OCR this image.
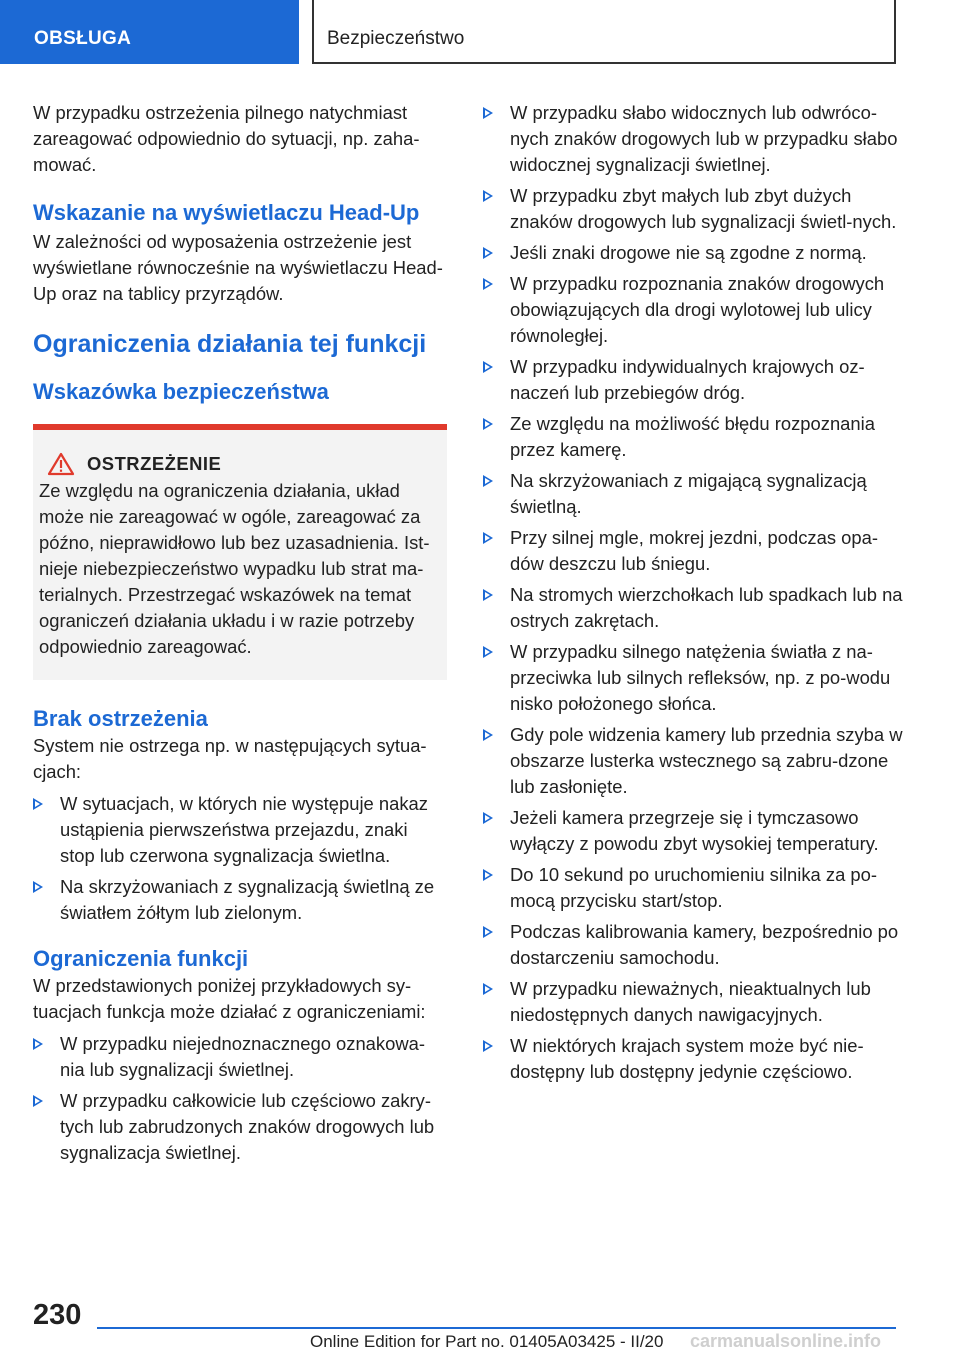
OBSŁUGA	Bezpieczeństwo

W przypadku ostrzeżenia pilnego natychmiast zareagować odpowiednio do sytuacji, np. zaha-mować.

Wskazanie na wyświetlaczu Head-Up

W zależności od wyposażenia ostrzeżenie jest wyświetlane równocześnie na wyświetlaczu Head-Up oraz na tablicy przyrządów.

Ograniczenia działania tej funkcji
Wskazówka bezpieczeństwa
OSTRZEŻENIE

Ze względu na ograniczenia działania, układ może nie zareagować w ogóle, zareagować za późno, nieprawidłowo lub bez uzasadnienia. Ist-nieje niebezpieczeństwo wypadku lub strat ma-terialnych. Przestrzegać wskazówek na temat ograniczeń działania układu i w razie potrzeby odpowiednio zareagować.

Brak ostrzeżenia

System nie ostrzega np. w następujących sytua-cjach:

W sytuacjach, w których nie występuje nakaz ustąpienia pierwszeństwa przejazdu, znaki stop lub czerwona sygnalizacja świetlna.
Na skrzyżowaniach z sygnalizacją świetlną ze światłem żółtym lub zielonym.
Ograniczenia funkcji

W przedstawionych poniżej przykładowych sy-tuacjach funkcja może działać z ograniczeniami:

W przypadku niejednoznacznego oznakowa-nia lub sygnalizacji świetlnej.
W przypadku całkowicie lub częściowo zakry-tych lub zabrudzonych znaków drogowych lub sygnalizacja świetlnej.
W przypadku słabo widocznych lub odwróco-nych znaków drogowych lub w przypadku słabo widocznej sygnalizacji świetlnej.
W przypadku zbyt małych lub zbyt dużych znaków drogowych lub sygnalizacji świetl-nych.
Jeśli znaki drogowe nie są zgodne z normą.
W przypadku rozpoznania znaków drogowych obowiązujących dla drogi wylotowej lub ulicy równoległej.
W przypadku indywidualnych krajowych oz-naczeń lub przebiegów dróg.
Ze względu na możliwość błędu rozpoznania przez kamerę.
Na skrzyżowaniach z migającą sygnalizacją świetlną.
Przy silnej mgle, mokrej jezdni, podczas opa-dów deszczu lub śniegu.
Na stromych wierzchołkach lub spadkach lub na ostrych zakrętach.
W przypadku silnego natężenia światła z na-przeciwka lub silnych refleksów, np. z po-wodu nisko położonego słońca.
Gdy pole widzenia kamery lub przednia szyba w obszarze lusterka wstecznego są zabru-dzone lub zasłonięte.
Jeżeli kamera przegrzeje się i tymczasowo wyłączy z powodu zbyt wysokiej temperatury.
Do 10 sekund po uruchomieniu silnika za po-mocą przycisku start/stop.
Podczas kalibrowania kamery, bezpośrednio po dostarczeniu samochodu.
W przypadku nieważnych, nieaktualnych lub niedostępnych danych nawigacyjnych.
W niektórych krajach system może być nie-dostępny lub dostępny jedynie częściowo.
230
Online Edition for Part no. 01405A03425 - II/20 carmanualsonline.info
